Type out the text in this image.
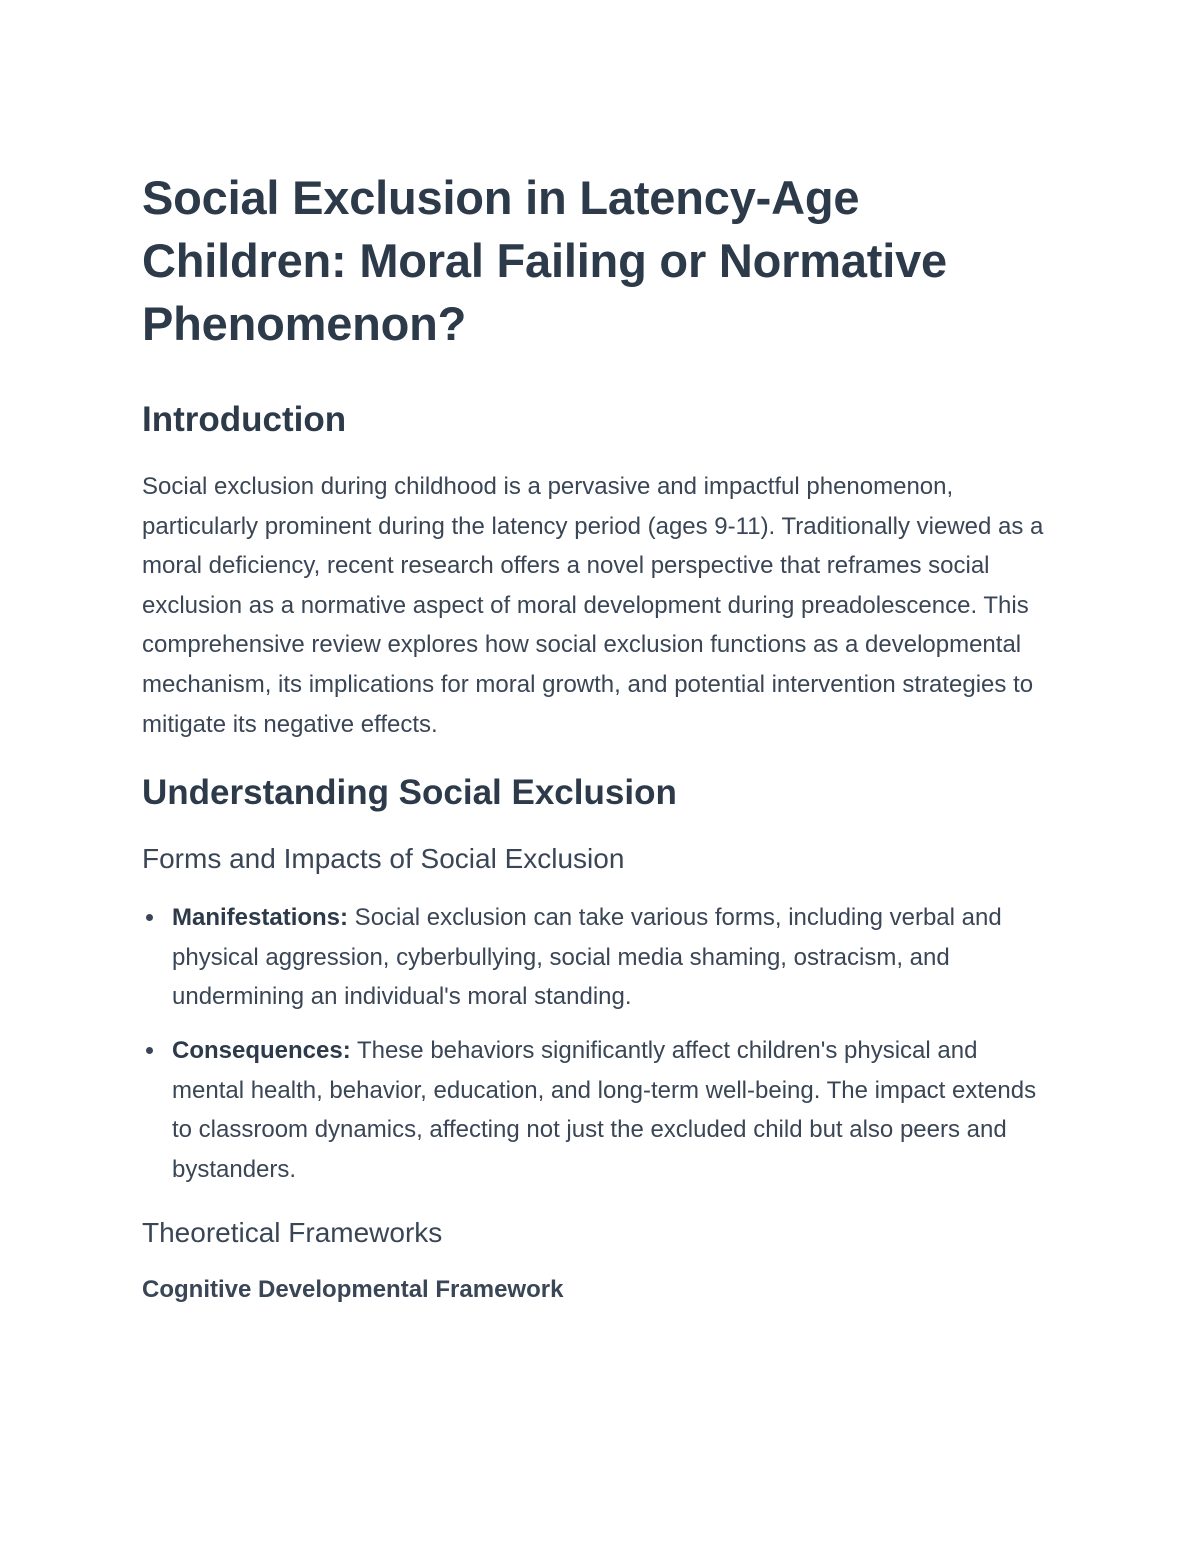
Social Exclusion in Latency-Age Children: Moral Failing or Normative Phenomenon?
Introduction

Social exclusion during childhood is a pervasive and impactful phenomenon, particularly prominent during the latency period (ages 9-11). Traditionally viewed as a moral deficiency, recent research offers a novel perspective that reframes social exclusion as a normative aspect of moral development during preadolescence. This comprehensive review explores how social exclusion functions as a developmental mechanism, its implications for moral growth, and potential intervention strategies to mitigate its negative effects.

Understanding Social Exclusion
Forms and Impacts of Social Exclusion
Manifestations: Social exclusion can take various forms, including verbal and physical aggression, cyberbullying, social media shaming, ostracism, and undermining an individual's moral standing.
Consequences: These behaviors significantly affect children's physical and mental health, behavior, education, and long-term well-being. The impact extends to classroom dynamics, affecting not just the excluded child but also peers and bystanders.
Theoretical Frameworks
Cognitive Developmental Framework
